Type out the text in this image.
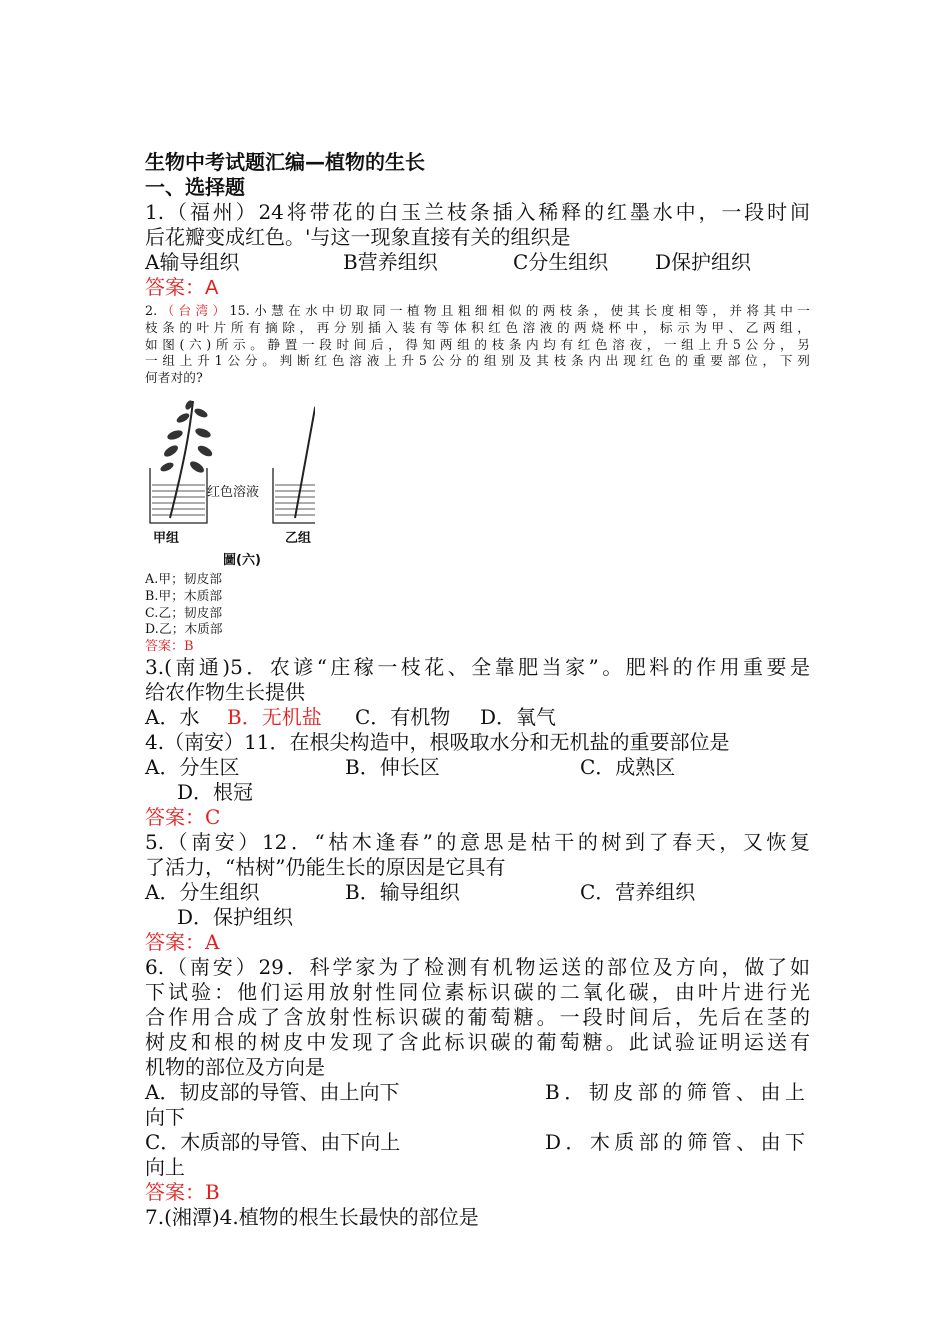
生物中考试题汇编—植物的生长
一、选择题
1.（福州）24将带花的白玉兰枝条插入稀释的红墨水中，一段时间
后花瓣变成红色。'与这一现象直接有关的组织是
A输导组织	B营养组织	C分生组织	D保护组织
答案：A
2.（台湾）15.小慧在水中切取同一植物且粗细相似的两枝条，使其长度相等，并将其中一
枝条的叶片所有摘除，再分别插入装有等体积红色溶液的两烧杯中，标示为甲、乙两组，
如图(六)所示。静置一段时间后，得知两组的枝条内均有红色溶夜，一组上升5公分，另
一组上升1公分。判断红色溶液上升5公分的组别及其枝条内出现红色的重要部位，下列
何者对的?
红色溶液
甲组	乙组
圖(六)
A.甲；韧皮部
B.甲；木质部
C.乙；韧皮部
D.乙；木质部
答案：B
3.(南通)5．农谚“庄稼一枝花、全靠肥当家”。肥料的作用重要是
给农作物生长提供
A．水	B．无机盐	C．有机物	D．氧气
4.（南安）11．在根尖构造中，根吸取水分和无机盐的重要部位是
A．分生区	B．伸长区	C．成熟区
D．根冠
答案：C
5.（南安）12．“枯木逢春”的意思是枯干的树到了春天，又恢复
了活力，“枯树”仍能生长的原因是它具有
A．分生组织	B．输导组织	C．营养组织
D．保护组织
答案：A
6.（南安）29．科学家为了检测有机物运送的部位及方向，做了如
下试验：他们运用放射性同位素标识碳的二氧化碳，由叶片进行光
合作用合成了含放射性标识碳的葡萄糖。一段时间后，先后在茎的
树皮和根的树皮中发现了含此标识碳的葡萄糖。此试验证明运送有
机物的部位及方向是
A．韧皮部的导管、由上向下	B．韧皮部的筛管、由上
向下
C．木质部的导管、由下向上	D．木质部的筛管、由下
向上
答案：B
7.(湘潭)4.植物的根生长最快的部位是
